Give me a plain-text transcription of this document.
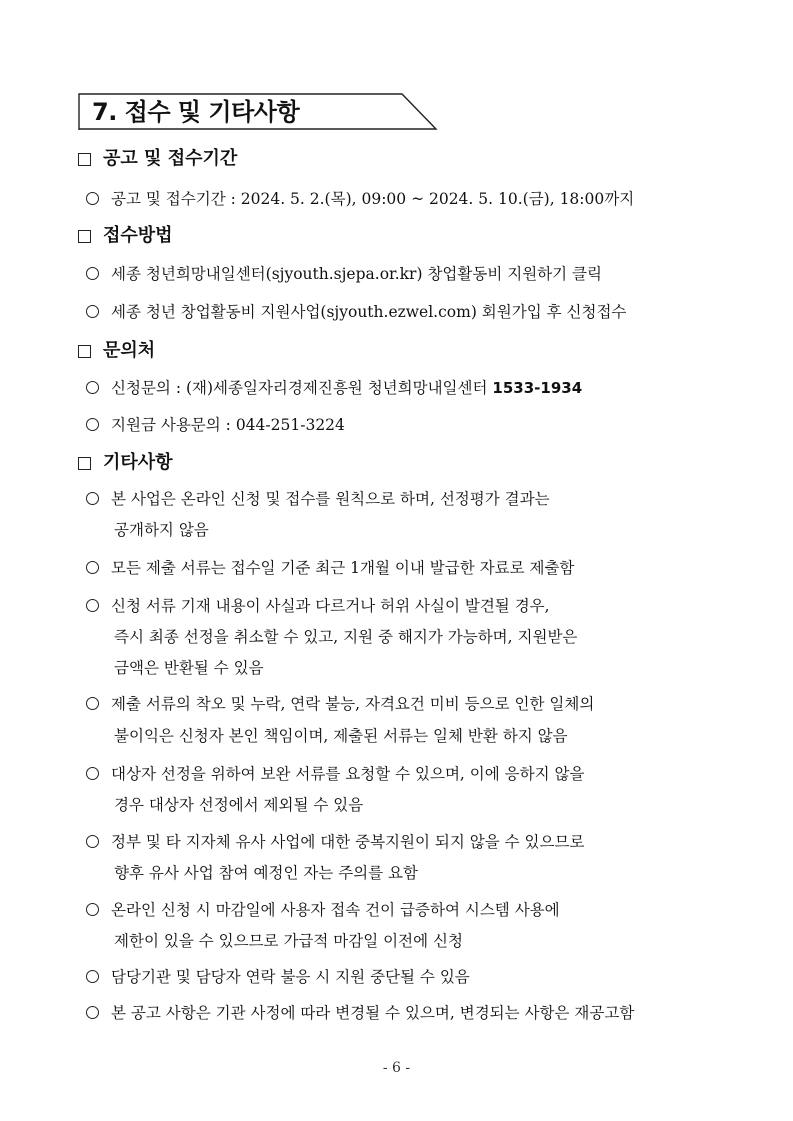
7. 접수 및 기타사항
공고 및 접수기간
공고 및 접수기간 : 2024. 5. 2.(목), 09:00 ~ 2024. 5. 10.(금), 18:00까지
접수방법
세종 청년희망내일센터(sjyouth.sjepa.or.kr) 창업활동비 지원하기 클릭
세종 청년 창업활동비 지원사업(sjyouth.ezwel.com) 회원가입 후 신청접수
문의처
신청문의 : (재)세종일자리경제진흥원 청년희망내일센터 1533-1934
지원금 사용문의 : 044-251-3224
기타사항
본 사업은 온라인 신청 및 접수를 원칙으로 하며, 선정평가 결과는
공개하지 않음
모든 제출 서류는 접수일 기준 최근 1개월 이내 발급한 자료로 제출함
신청 서류 기재 내용이 사실과 다르거나 허위 사실이 발견될 경우,
즉시 최종 선정을 취소할 수 있고, 지원 중 해지가 가능하며, 지원받은
금액은 반환될 수 있음
제출 서류의 착오 및 누락, 연락 불능, 자격요건 미비 등으로 인한 일체의
불이익은 신청자 본인 책임이며, 제출된 서류는 일체 반환 하지 않음
대상자 선정을 위하여 보완 서류를 요청할 수 있으며, 이에 응하지 않을
경우 대상자 선정에서 제외될 수 있음
정부 및 타 지자체 유사 사업에 대한 중복지원이 되지 않을 수 있으므로
향후 유사 사업 참여 예정인 자는 주의를 요함
온라인 신청 시 마감일에 사용자 접속 건이 급증하여 시스템 사용에
제한이 있을 수 있으므로 가급적 마감일 이전에 신청
담당기관 및 담당자 연락 불응 시 지원 중단될 수 있음
본 공고 사항은 기관 사정에 따라 변경될 수 있으며, 변경되는 사항은 재공고함
- 6 -
